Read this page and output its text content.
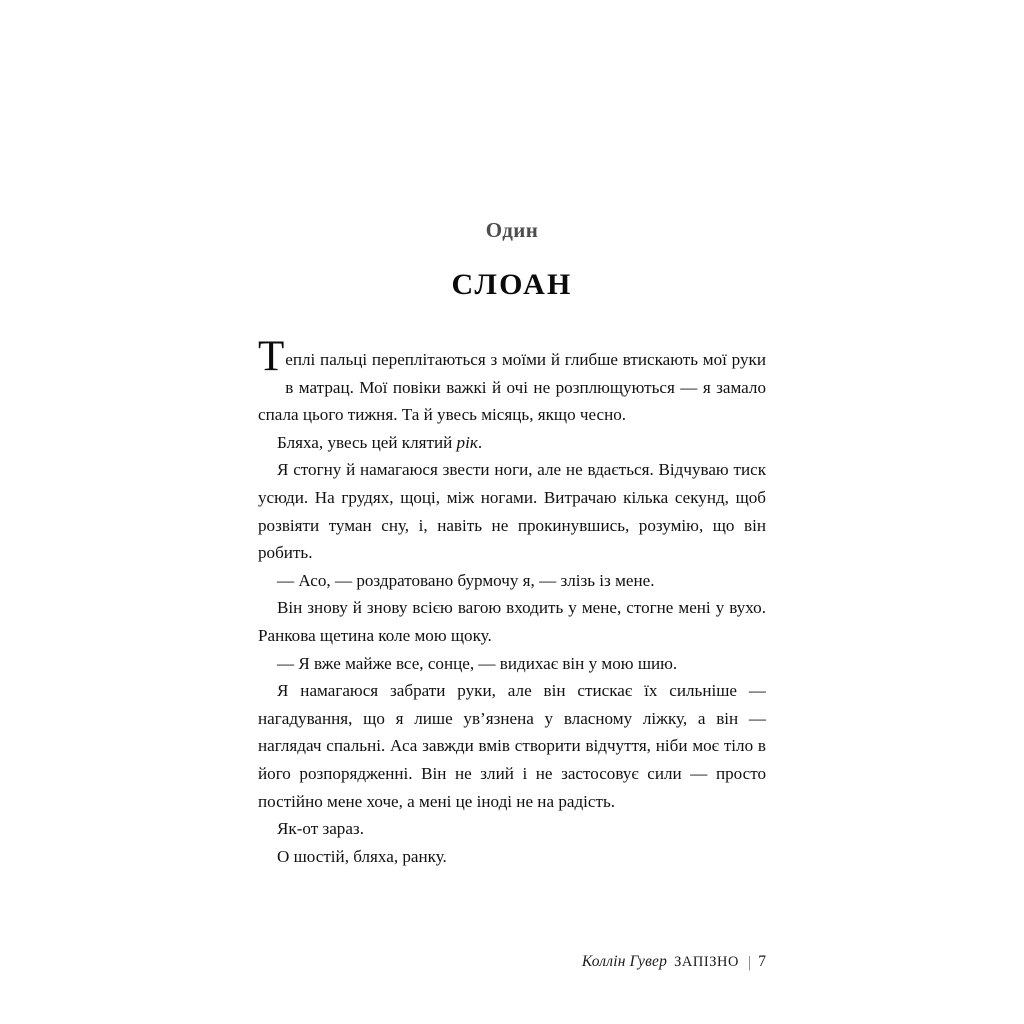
Один
СЛОАН

Теплі пальці переплітаються з моїми й глибше втискають мої руки в матрац. Мої повіки важкі й очі не розплющуються — я замало спала цього тижня. Та й увесь місяць, якщо чесно.

Бляха, увесь цей клятий рік.

Я стогну й намагаюся звести ноги, але не вдається. Відчуваю тиск усюди. На грудях, щоці, між ногами. Витрачаю кілька секунд, щоб розвіяти туман сну, і, навіть не прокинувшись, розумію, що він робить.

— Асо, — роздратовано бурмочу я, — злізь із мене.

Він знову й знову всією вагою входить у мене, стогне мені у вухо. Ранкова щетина коле мою щоку.

— Я вже майже все, сонце, — видихає він у мою шию.

Я намагаюся забрати руки, але він стискає їх сильніше — нагадування, що я лише ув’язнена у власному ліжку, а він — наглядач спальні. Аса завжди вмів створити відчуття, ніби моє тіло в його розпорядженні. Він не злий і не застосовує сили — просто постійно мене хоче, а мені це іноді не на радість.

Як-от зараз.

О шостій, бляха, ранку.

Коллін Гувер ЗАПІЗНО | 7
